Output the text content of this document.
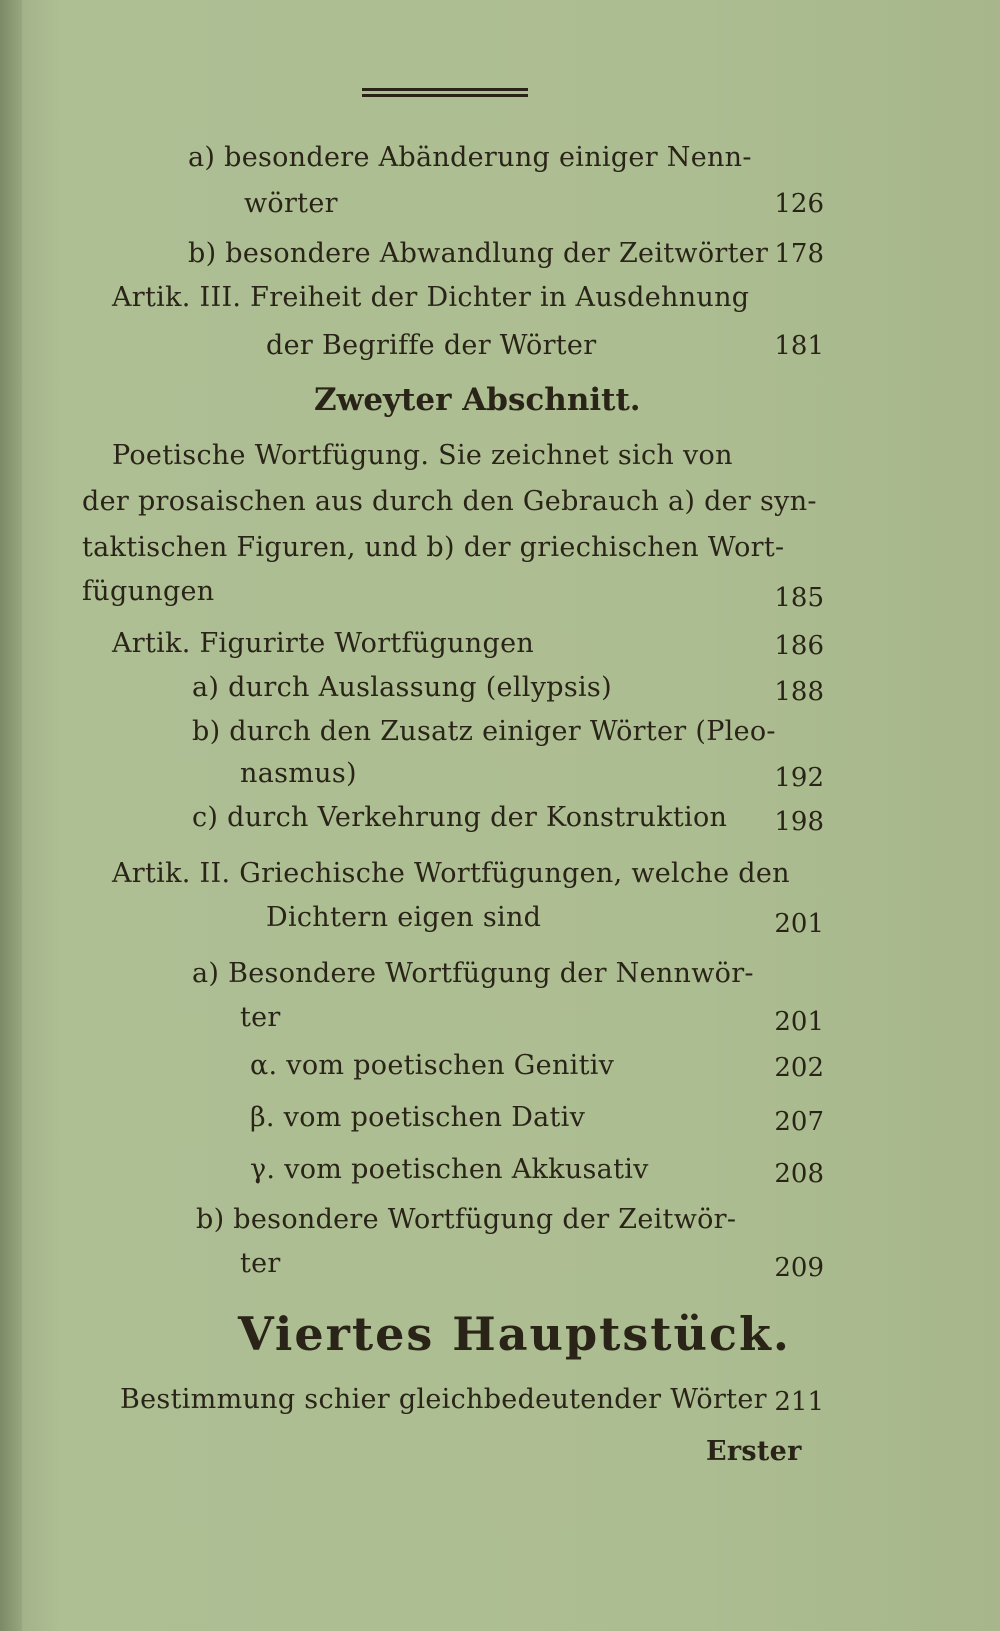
a) besondere Abänderung einiger Nenn-
wörter	126
b) besondere Abwandlung der Zeitwörter 178
Artik. III. Freiheit der Dichter in Ausdehnung
der Begriffe der Wörter	181
Zweyter Abschnitt.
Poetische Wortfügung. Sie zeichnet sich von
der prosaischen aus durch den Gebrauch a) der syn-
taktischen Figuren, und b) der griechischen Wort-
fügungen	185
Artik. Figurirte Wortfügungen	186
a) durch Auslassung (ellypsis)	188
b) durch den Zusatz einiger Wörter (Pleo-
nasmus)	192
c) durch Verkehrung der Konstruktion 198
Artik. II. Griechische Wortfügungen, welche den
Dichtern eigen sind	201
a) Besondere Wortfügung der Nennwör-
ter	201
α. vom poetischen Genitiv	202
β. vom poetischen Dativ	207
γ. vom poetischen Akkusativ	208
b) besondere Wortfügung der Zeitwör-
ter	209
Viertes Hauptstück.
Bestimmung schier gleichbedeutender Wörter 211
Erster
